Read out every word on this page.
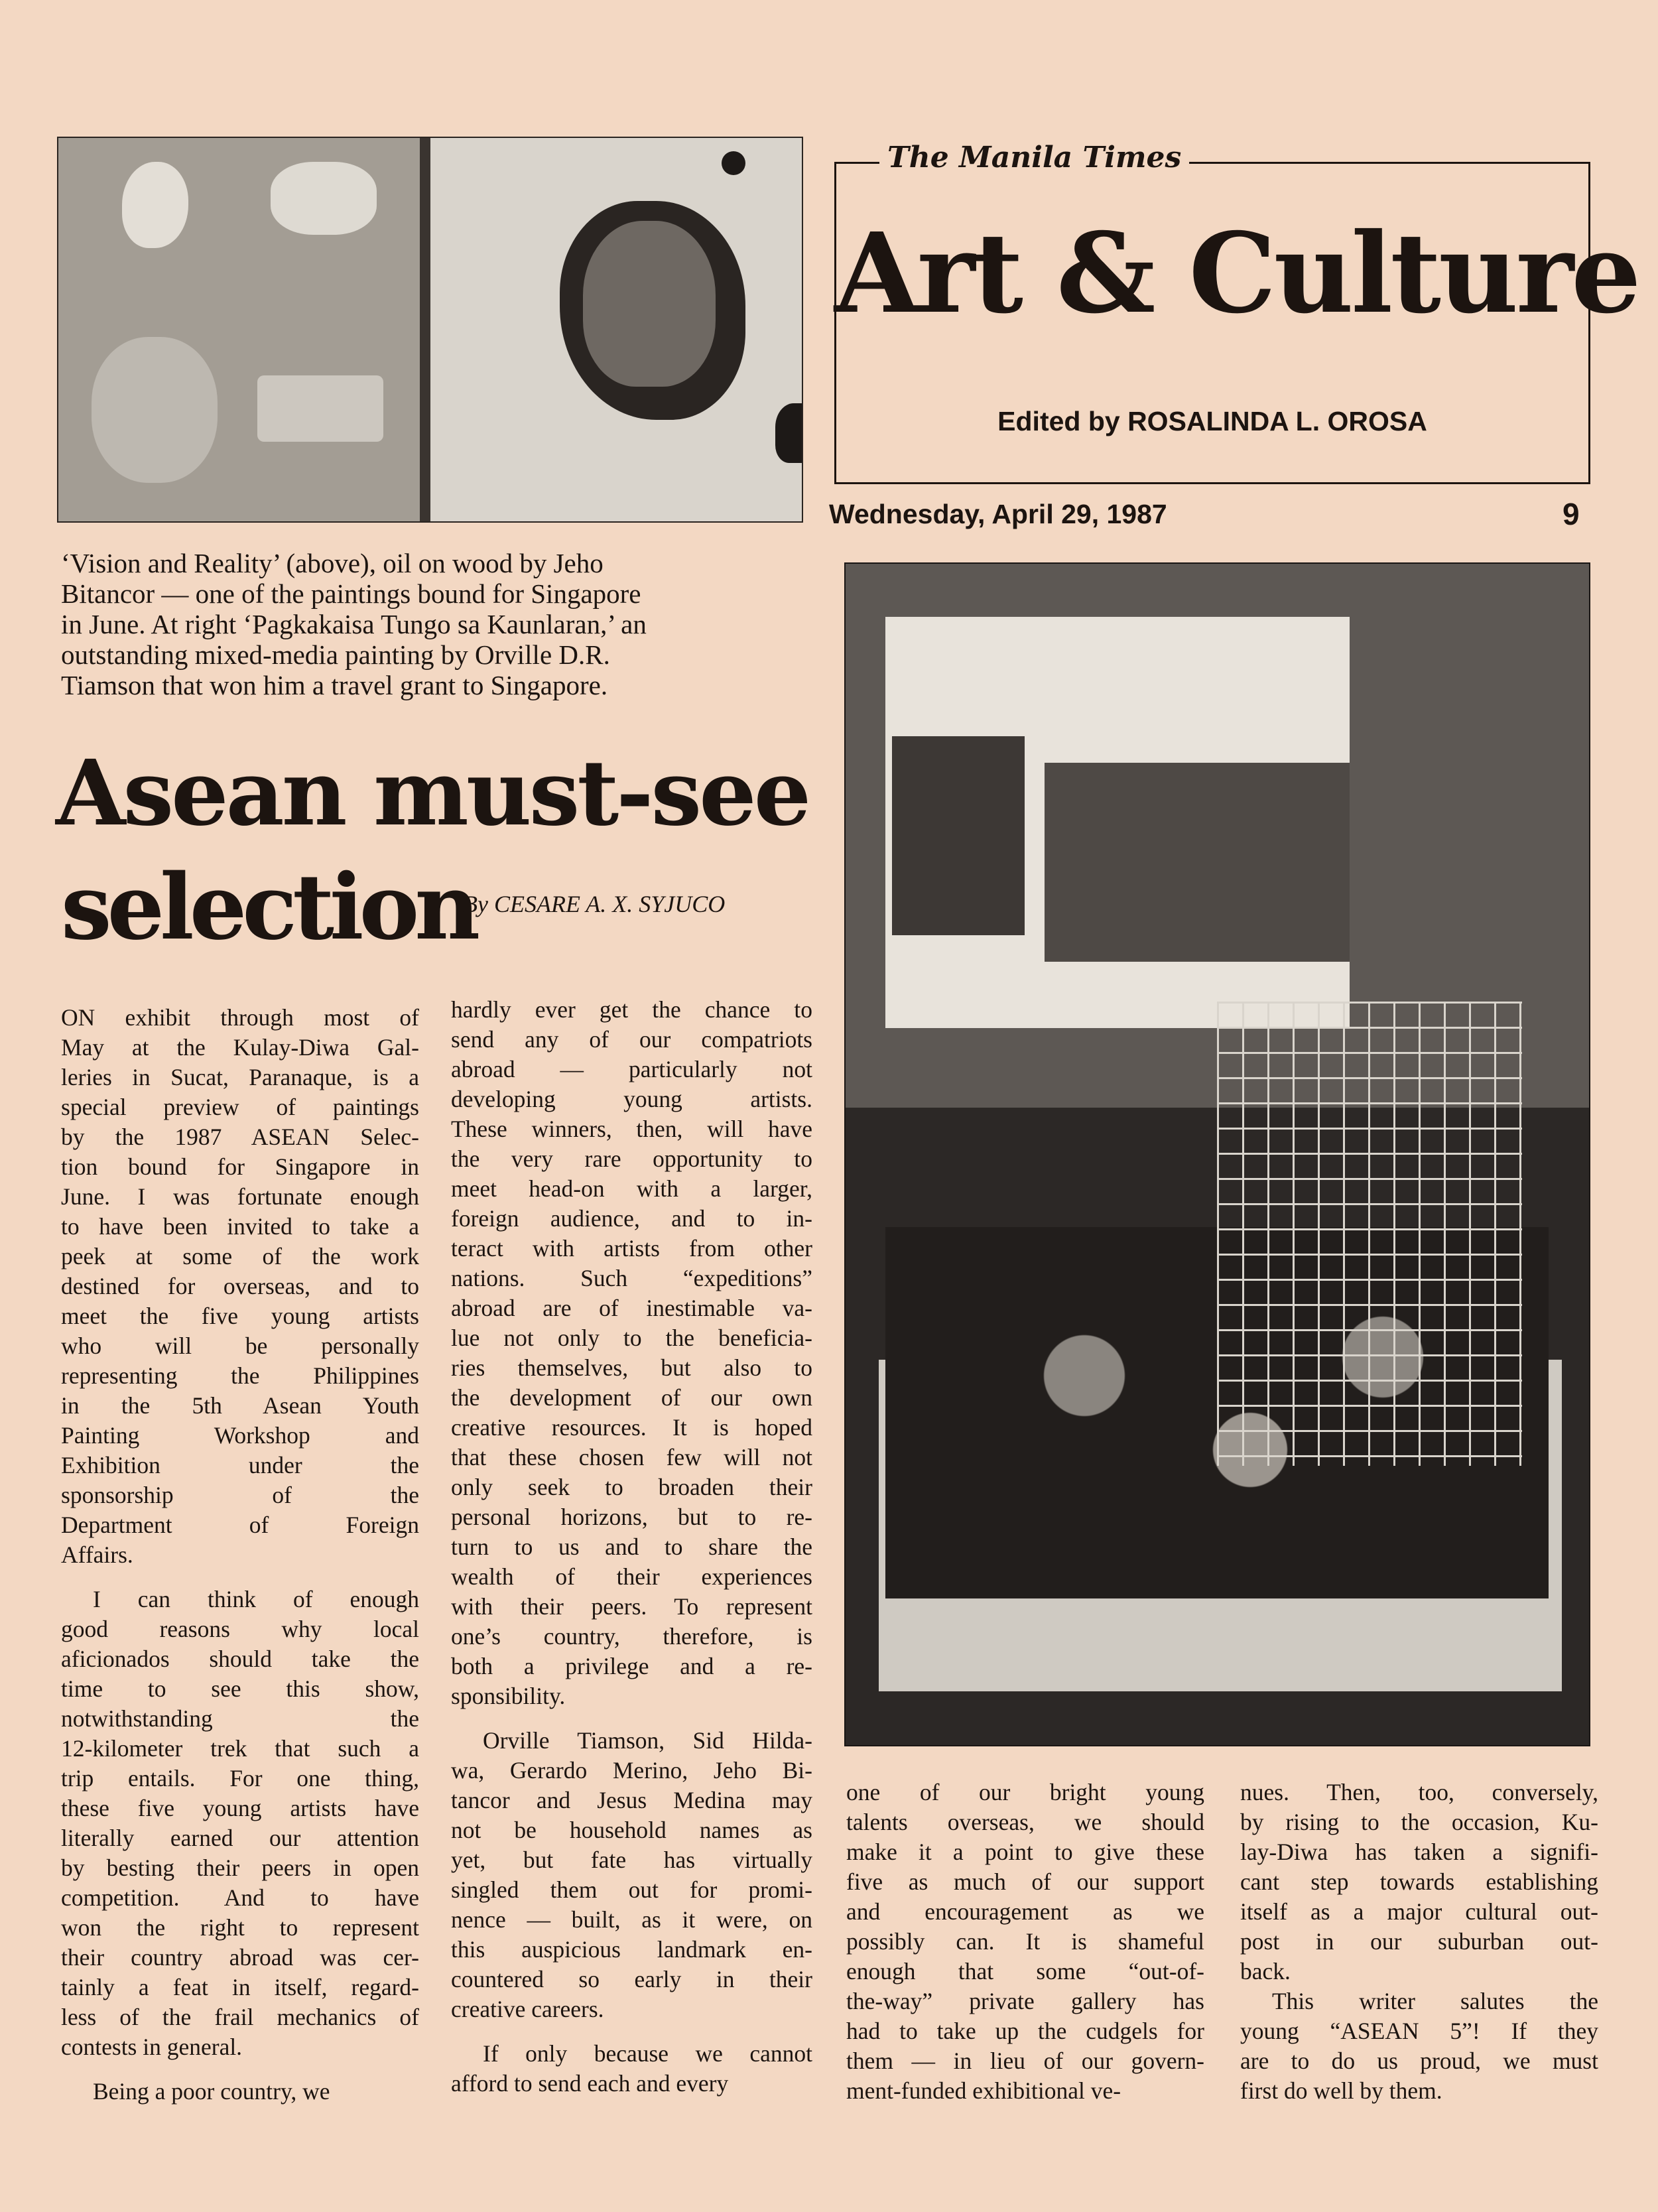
The Manila Times
Art & Culture
Edited by ROSALINDA L. OROSA
Wednesday, April 29, 1987	9
‘Vision and Reality’ (above), oil on wood by Jeho
Bitancor — one of the paintings bound for Singapore
in June. At right ‘Pagkakaisa Tungo sa Kaunlaran,’ an
outstanding mixed-media painting by Orville D.R.
Tiamson that won him a travel grant to Singapore.
Asean must-see
selection
By CESARE A. X. SYJUCO
ON exhibit through most of
May at the Kulay-Diwa Gal-
leries in Sucat, Paranaque, is a
special preview of paintings
by the 1987 ASEAN Selec-
tion bound for Singapore in
June. I was fortunate enough
to have been invited to take a
peek at some of the work
destined for overseas, and to
meet the five young artists
who will be personally
representing the Philippines
in the 5th Asean Youth
Painting Workshop and
Exhibition under the
sponsorship of the
Department of Foreign
Affairs.
I can think of enough
good reasons why local
aficionados should take the
time to see this show,
notwithstanding the
12-kilometer trek that such a
trip entails. For one thing,
these five young artists have
literally earned our attention
by besting their peers in open
competition. And to have
won the right to represent
their country abroad was cer-
tainly a feat in itself, regard-
less of the frail mechanics of
contests in general.
Being a poor country, we
hardly ever get the chance to
send any of our compatriots
abroad — particularly not
developing young artists.
These winners, then, will have
the very rare opportunity to
meet head-on with a larger,
foreign audience, and to in-
teract with artists from other
nations. Such “expeditions”
abroad are of inestimable va-
lue not only to the beneficia-
ries themselves, but also to
the development of our own
creative resources. It is hoped
that these chosen few will not
only seek to broaden their
personal horizons, but to re-
turn to us and to share the
wealth of their experiences
with their peers. To represent
one’s country, therefore, is
both a privilege and a re-
sponsibility.
Orville Tiamson, Sid Hilda-
wa, Gerardo Merino, Jeho Bi-
tancor and Jesus Medina may
not be household names as
yet, but fate has virtually
singled them out for promi-
nence — built, as it were, on
this auspicious landmark en-
countered so early in their
creative careers.
If only because we cannot
afford to send each and every
one of our bright young
talents overseas, we should
make it a point to give these
five as much of our support
and encouragement as we
possibly can. It is shameful
enough that some “out-of-
the-way” private gallery has
had to take up the cudgels for
them — in lieu of our govern-
ment-funded exhibitional ve-
nues. Then, too, conversely,
by rising to the occasion, Ku-
lay-Diwa has taken a signifi-
cant step towards establishing
itself as a major cultural out-
post in our suburban out-
back.
This writer salutes the
young “ASEAN 5”! If they
are to do us proud, we must
first do well by them.
